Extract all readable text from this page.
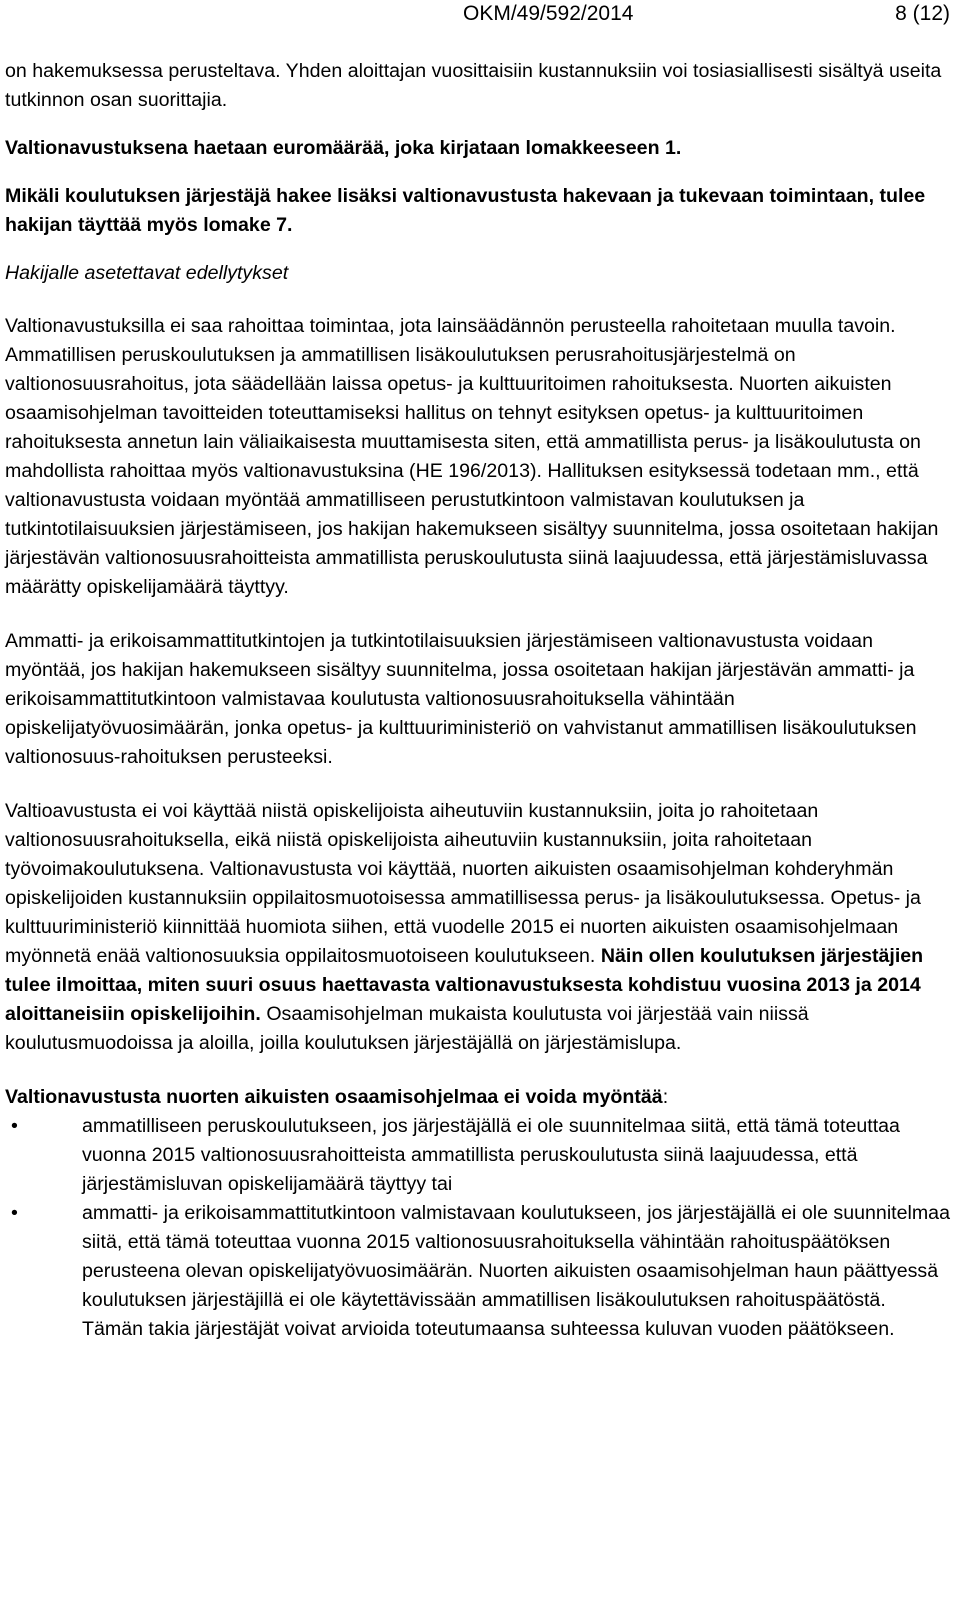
OKM/49/592/2014	8 (12)

on hakemuksessa perusteltava. Yhden aloittajan vuosittaisiin kustannuksiin voi tosiasiallisesti sisältyä useita tutkinnon osan suorittajia.

Valtionavustuksena haetaan euromäärää, joka kirjataan lomakkeeseen 1.

Mikäli koulutuksen järjestäjä hakee lisäksi valtionavustusta hakevaan ja tukevaan toimintaan, tulee hakijan täyttää myös lomake 7.

Hakijalle asetettavat edellytykset

Valtionavustuksilla ei saa rahoittaa toimintaa, jota lainsäädännön perusteella rahoitetaan muulla tavoin. Ammatillisen peruskoulutuksen ja ammatillisen lisäkoulutuksen perusrahoitusjärjestelmä on valtionosuusrahoitus, jota säädellään laissa opetus- ja kulttuuritoimen rahoituksesta. Nuorten aikuisten osaamisohjelman tavoitteiden toteuttamiseksi hallitus on tehnyt esityksen opetus- ja kulttuuritoimen rahoituksesta annetun lain väliaikaisesta muuttamisesta siten, että ammatillista perus- ja lisäkoulutusta on mahdollista rahoittaa myös valtionavustuksina (HE 196/2013). Hallituksen esityksessä todetaan mm., että valtionavustusta voidaan myöntää ammatilliseen perustutkintoon valmistavan koulutuksen ja tutkintotilaisuuksien järjestämiseen, jos hakijan hakemukseen sisältyy suunnitelma, jossa osoitetaan hakijan järjestävän valtionosuusrahoitteista ammatillista peruskoulutusta siinä laajuudessa, että järjestämisluvassa määrätty opiskelijamäärä täyttyy.

Ammatti- ja erikoisammattitutkintojen ja tutkintotilaisuuksien järjestämiseen valtionavustusta voidaan myöntää, jos hakijan hakemukseen sisältyy suunnitelma, jossa osoitetaan hakijan järjestävän ammatti- ja erikoisammattitutkintoon valmistavaa koulutusta valtionosuusrahoituksella vähintään opiskelijatyövuosimäärän, jonka opetus- ja kulttuuriministeriö on vahvistanut ammatillisen lisäkoulutuksen valtionosuus-rahoituksen perusteeksi.

Valtioavustusta ei voi käyttää niistä opiskelijoista aiheutuviin kustannuksiin, joita jo rahoitetaan valtionosuusrahoituksella, eikä niistä opiskelijoista aiheutuviin kustannuksiin, joita rahoitetaan työvoimakoulutuksena. Valtionavustusta voi käyttää, nuorten aikuisten osaamisohjelman kohderyhmän opiskelijoiden kustannuksiin oppilaitosmuotoisessa ammatillisessa perus- ja lisäkoulutuksessa. Opetus- ja kulttuuriministeriö kiinnittää huomiota siihen, että vuodelle 2015 ei nuorten aikuisten osaamisohjelmaan myönnetä enää valtionosuuksia oppilaitosmuotoiseen koulutukseen. Näin ollen koulutuksen järjestäjien tulee ilmoittaa, miten suuri osuus haettavasta valtionavustuksesta kohdistuu vuosina 2013 ja 2014 aloittaneisiin opiskelijoihin. Osaamisohjelman mukaista koulutusta voi järjestää vain niissä koulutusmuodoissa ja aloilla, joilla koulutuksen järjestäjällä on järjestämislupa.

Valtionavustusta nuorten aikuisten osaamisohjelmaa ei voida myöntää:

•	ammatilliseen peruskoulutukseen, jos järjestäjällä ei ole suunnitelmaa siitä, että tämä toteuttaa vuonna 2015 valtionosuusrahoitteista ammatillista peruskoulutusta siinä laajuudessa, että järjestämisluvan opiskelijamäärä täyttyy tai
•	ammatti- ja erikoisammattitutkintoon valmistavaan koulutukseen, jos järjestäjällä ei ole suunnitelmaa siitä, että tämä toteuttaa vuonna 2015 valtionosuusrahoituksella vähintään rahoituspäätöksen perusteena olevan opiskelijatyövuosimäärän. Nuorten aikuisten osaamisohjelman haun päättyessä koulutuksen järjestäjillä ei ole käytettävissään ammatillisen lisäkoulutuksen rahoituspäätöstä. Tämän takia järjestäjät voivat arvioida toteutumaansa suhteessa kuluvan vuoden päätökseen.
